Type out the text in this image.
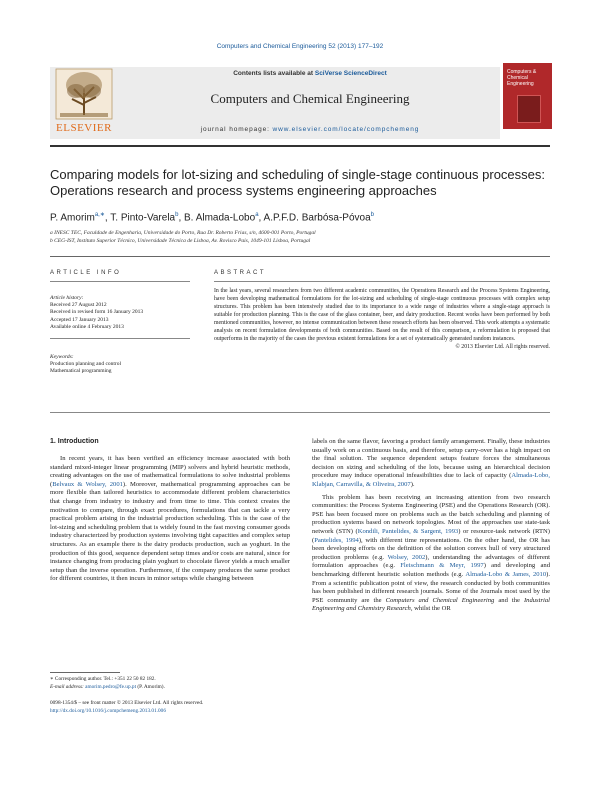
Computers and Chemical Engineering 52 (2013) 177–192
ELSEVIER
Computers & Chemical Engineering
Contents lists available at SciVerse ScienceDirect
Computers and Chemical Engineering
journal homepage: www.elsevier.com/locate/compchemeng
Comparing models for lot-sizing and scheduling of single-stage continuous processes: Operations research and process systems engineering approaches
P. Amorim$^{a,∗}$, T. Pinto-Varela$^b$, B. Almada-Lobo$^a$, A.P.F.D. Barbósa-Póvoa$^b$
a INESC TEC, Faculdade de Engenharia, Universidade do Porto, Rua Dr. Roberto Frias, s/n, 4600-001 Porto, Portugal
b CEG-IST, Instituto Superior Técnico, Universidade Técnica de Lisboa, Av. Rovisco Pais, 1049-101 Lisboa, Portugal
ARTICLE INFO
Article history:
Received 27 August 2012
Received in revised form 16 January 2013
Accepted 17 January 2013
Available online 4 February 2013
Keywords:
Production planning and control
Mathematical programming
ABSTRACT
In the last years, several researchers from two different academic communities, the Operations Research and the Process Systems Engineering, have been developing mathematical formulations for the lot-sizing and scheduling of single-stage continuous processes with complex setup structures. This problem has been intensively studied due to its importance to a wide range of industries where a single-stage approach is suitable for production planning. This is the case of the glass container, beer, and dairy production. Recent works have been performed by both mentioned communities, however, no intense communication between these research efforts has been observed. This work attempts a systematic analysis on recent formulation developments of both communities. Based on the result of this comparison, a reformulation is proposed that outperforms in the majority of the cases the previous existent formulations for a set of systematically generated random instances.
© 2013 Elsevier Ltd. All rights reserved.
1. Introduction

In recent years, it has been verified an efficiency increase associated with both standard mixed-integer linear programming (MIP) solvers and hybrid heuristic methods, creating advantages on the use of mathematical formulations to solve industrial problems (Belvaux & Wolsey, 2001). Moreover, mathematical programming approaches can be more flexible than tailored heuristics to accommodate different problem characteristics that change from industry to industry and from time to time. This context creates the motivation to compare, through exact procedures, formulations that can tackle a very practical problem arising in the industrial production scheduling. This is the case of the lot-sizing and scheduling problem that is widely found in the fast moving consumer goods industry characterized by production systems involving tight capacities and complex setup structures. As an example there is the dairy products production, such as yoghurt. In the production of this good, sequence dependent setup times and/or costs are natural, since for instance changing from producing plain yoghurt to chocolate flavor yields a much smaller setup than the inverse operation. Furthermore, if the company produces the same product for different countries, it then incurs in minor setups while changing between

labels on the same flavor, favoring a product family arrangement. Finally, these industries usually work on a continuous basis, and therefore, setup carry-over has a high impact on the final solution. The sequence dependent setups feature forces the simultaneous decision on sizing and scheduling of the lots, because using an hierarchical decision procedure may induce operational infeasibilities due to lack of capacity (Almada-Lobo, Klabjan, Carravilla, & Oliveira, 2007).

This problem has been receiving an increasing attention from two research communities: the Process Systems Engineering (PSE) and the Operations Research (OR). PSE has been focused more on problems such as the batch scheduling and planning of production systems based on network topologies. Most of the approaches use state-task network (STN) (Kondili, Pantelides, & Sargent, 1993) or resource-task network (RTN) (Pantelides, 1994), with different time representations. On the other hand, the OR has been developing efforts on the definition of the solution convex hull of very structured production problems (e.g. Wolsey, 2002), understanding the advantages of different formulation approaches (e.g. Fleischmann & Meyr, 1997) and developing and benchmarking different heuristic solution methods (e.g. Almada-Lobo & James, 2010). From a scientific publication point of view, the research conducted by both communities has been published in different research journals. Some of the Journals most used by the PSE community are the Computers and Chemical Engineering and the Industrial Engineering and Chemistry Research, whilst the OR

∗ Corresponding author. Tel.: +351 22 50 82 182.
E-mail address: amorim.pedro@fe.up.pt (P. Amorim).
0098-1354/$ – see front matter © 2013 Elsevier Ltd. All rights reserved.
http://dx.doi.org/10.1016/j.compchemeng.2013.01.006
